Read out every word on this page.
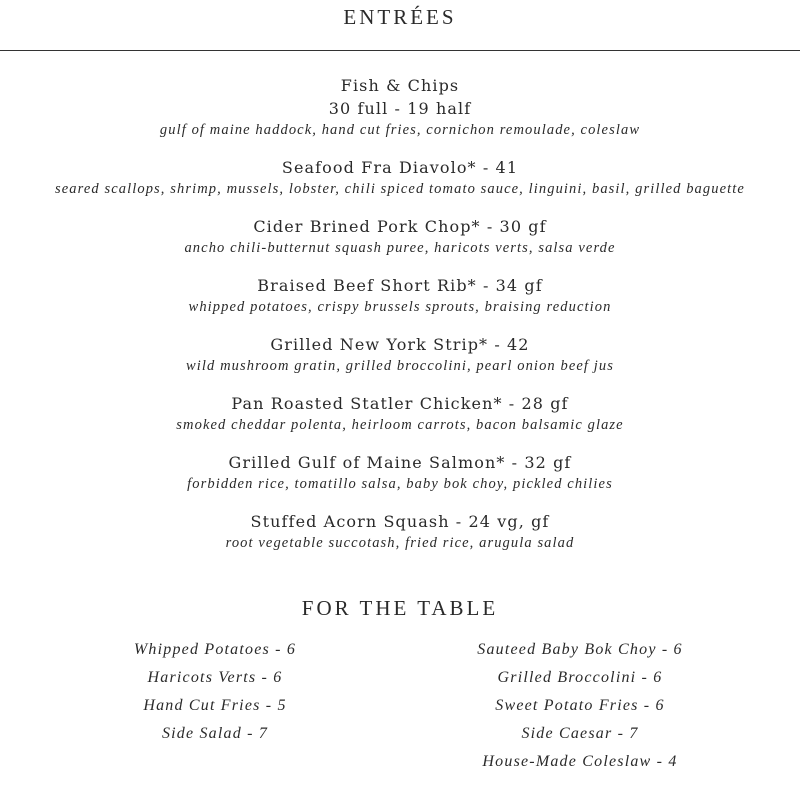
ENTRÉES
Fish & Chips
30 full - 19 half
gulf of maine haddock, hand cut fries, cornichon remoulade, coleslaw
Seafood Fra Diavolo* - 41
seared scallops, shrimp, mussels, lobster, chili spiced tomato sauce, linguini, basil, grilled baguette
Cider Brined Pork Chop* - 30 gf
ancho chili-butternut squash puree, haricots verts, salsa verde
Braised Beef Short Rib* - 34 gf
whipped potatoes, crispy brussels sprouts, braising reduction
Grilled New York Strip* - 42
wild mushroom gratin, grilled broccolini, pearl onion beef jus
Pan Roasted Statler Chicken* - 28 gf
smoked cheddar polenta, heirloom carrots, bacon balsamic glaze
Grilled Gulf of Maine Salmon* - 32 gf
forbidden rice, tomatillo salsa, baby bok choy, pickled chilies
Stuffed Acorn Squash - 24 vg, gf
root vegetable succotash, fried rice, arugula salad
FOR THE TABLE
Whipped Potatoes - 6
Haricots Verts - 6
Hand Cut Fries - 5
Side Salad - 7
Sauteed Baby Bok Choy - 6
Grilled Broccolini - 6
Sweet Potato Fries - 6
Side Caesar - 7
House-Made Coleslaw - 4
